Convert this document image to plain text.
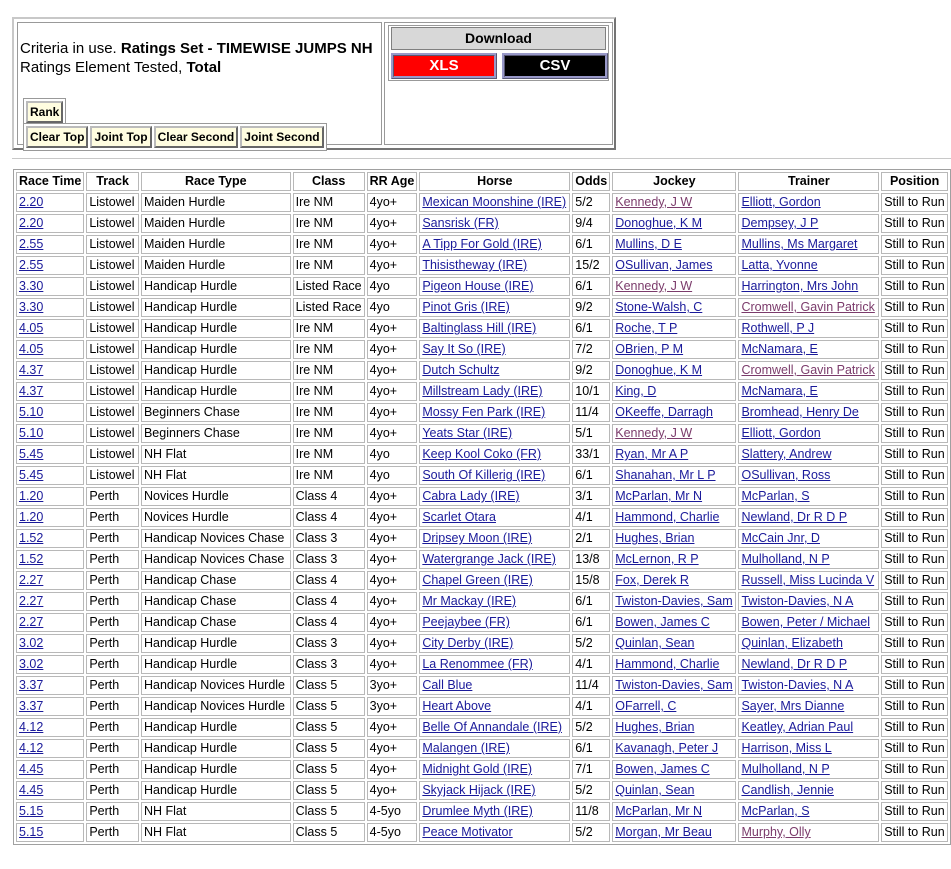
Criteria in use. Ratings Set - TIMEWISE JUMPS NH
Ratings Element Tested, Total
Rank
Clear Top Joint Top Clear Second Joint Second
Download
XLS	CSV
Race Time	Track	Race Type	Class	RR Age	Horse	Odds	Jockey	Trainer	Position
2.20	Listowel	Maiden Hurdle	Ire NM	4yo+	Mexican Moonshine (IRE)	5/2	Kennedy, J W	Elliott, Gordon	Still to Run
2.20	Listowel	Maiden Hurdle	Ire NM	4yo+	Sansrisk (FR)	9/4	Donoghue, K M	Dempsey, J P	Still to Run
2.55	Listowel	Maiden Hurdle	Ire NM	4yo+	A Tipp For Gold (IRE)	6/1	Mullins, D E	Mullins, Ms Margaret	Still to Run
2.55	Listowel	Maiden Hurdle	Ire NM	4yo+	Thisistheway (IRE)	15/2	OSullivan, James	Latta, Yvonne	Still to Run
3.30	Listowel	Handicap Hurdle	Listed Race	4yo	Pigeon House (IRE)	6/1	Kennedy, J W	Harrington, Mrs John	Still to Run
3.30	Listowel	Handicap Hurdle	Listed Race	4yo	Pinot Gris (IRE)	9/2	Stone-Walsh, C	Cromwell, Gavin Patrick	Still to Run
4.05	Listowel	Handicap Hurdle	Ire NM	4yo+	Baltinglass Hill (IRE)	6/1	Roche, T P	Rothwell, P J	Still to Run
4.05	Listowel	Handicap Hurdle	Ire NM	4yo+	Say It So (IRE)	7/2	OBrien, P M	McNamara, E	Still to Run
4.37	Listowel	Handicap Hurdle	Ire NM	4yo+	Dutch Schultz	9/2	Donoghue, K M	Cromwell, Gavin Patrick	Still to Run
4.37	Listowel	Handicap Hurdle	Ire NM	4yo+	Millstream Lady (IRE)	10/1	King, D	McNamara, E	Still to Run
5.10	Listowel	Beginners Chase	Ire NM	4yo+	Mossy Fen Park (IRE)	11/4	OKeeffe, Darragh	Bromhead, Henry De	Still to Run
5.10	Listowel	Beginners Chase	Ire NM	4yo+	Yeats Star (IRE)	5/1	Kennedy, J W	Elliott, Gordon	Still to Run
5.45	Listowel	NH Flat	Ire NM	4yo	Keep Kool Coko (FR)	33/1	Ryan, Mr A P	Slattery, Andrew	Still to Run
5.45	Listowel	NH Flat	Ire NM	4yo	South Of Killerig (IRE)	6/1	Shanahan, Mr L P	OSullivan, Ross	Still to Run
1.20	Perth	Novices Hurdle	Class 4	4yo+	Cabra Lady (IRE)	3/1	McParlan, Mr N	McParlan, S	Still to Run
1.20	Perth	Novices Hurdle	Class 4	4yo+	Scarlet Otara	4/1	Hammond, Charlie	Newland, Dr R D P	Still to Run
1.52	Perth	Handicap Novices Chase	Class 3	4yo+	Dripsey Moon (IRE)	2/1	Hughes, Brian	McCain Jnr, D	Still to Run
1.52	Perth	Handicap Novices Chase	Class 3	4yo+	Watergrange Jack (IRE)	13/8	McLernon, R P	Mulholland, N P	Still to Run
2.27	Perth	Handicap Chase	Class 4	4yo+	Chapel Green (IRE)	15/8	Fox, Derek R	Russell, Miss Lucinda V	Still to Run
2.27	Perth	Handicap Chase	Class 4	4yo+	Mr Mackay (IRE)	6/1	Twiston-Davies, Sam	Twiston-Davies, N A	Still to Run
2.27	Perth	Handicap Chase	Class 4	4yo+	Peejaybee (FR)	6/1	Bowen, James C	Bowen, Peter / Michael	Still to Run
3.02	Perth	Handicap Hurdle	Class 3	4yo+	City Derby (IRE)	5/2	Quinlan, Sean	Quinlan, Elizabeth	Still to Run
3.02	Perth	Handicap Hurdle	Class 3	4yo+	La Renommee (FR)	4/1	Hammond, Charlie	Newland, Dr R D P	Still to Run
3.37	Perth	Handicap Novices Hurdle	Class 5	3yo+	Call Blue	11/4	Twiston-Davies, Sam	Twiston-Davies, N A	Still to Run
3.37	Perth	Handicap Novices Hurdle	Class 5	3yo+	Heart Above	4/1	OFarrell, C	Sayer, Mrs Dianne	Still to Run
4.12	Perth	Handicap Hurdle	Class 5	4yo+	Belle Of Annandale (IRE)	5/2	Hughes, Brian	Keatley, Adrian Paul	Still to Run
4.12	Perth	Handicap Hurdle	Class 5	4yo+	Malangen (IRE)	6/1	Kavanagh, Peter J	Harrison, Miss L	Still to Run
4.45	Perth	Handicap Hurdle	Class 5	4yo+	Midnight Gold (IRE)	7/1	Bowen, James C	Mulholland, N P	Still to Run
4.45	Perth	Handicap Hurdle	Class 5	4yo+	Skyjack Hijack (IRE)	5/2	Quinlan, Sean	Candlish, Jennie	Still to Run
5.15	Perth	NH Flat	Class 5	4-5yo	Drumlee Myth (IRE)	11/8	McParlan, Mr N	McParlan, S	Still to Run
5.15	Perth	NH Flat	Class 5	4-5yo	Peace Motivator	5/2	Morgan, Mr Beau	Murphy, Olly	Still to Run
